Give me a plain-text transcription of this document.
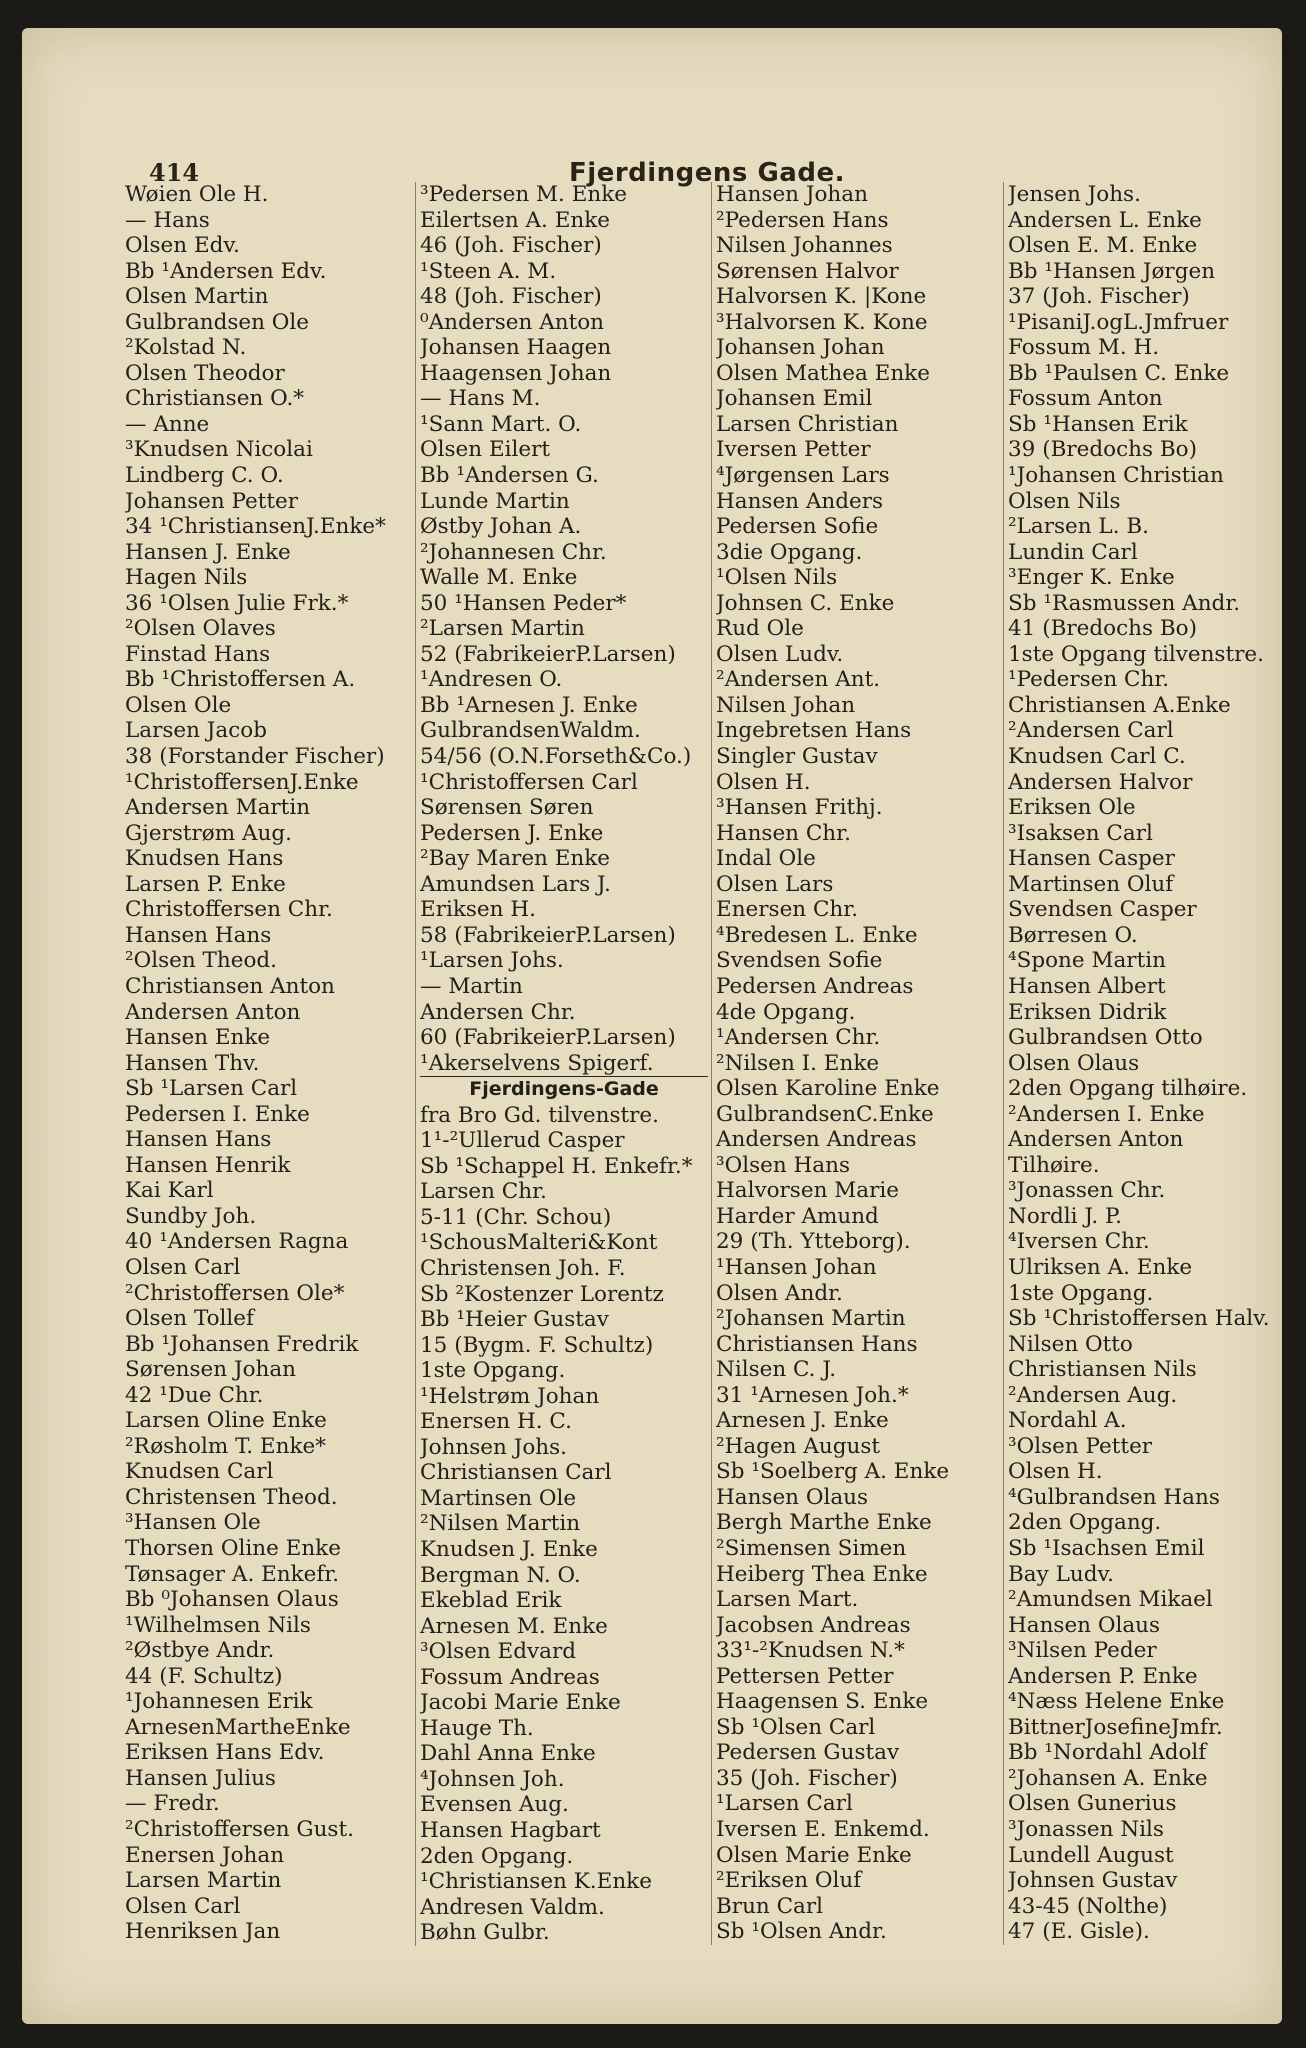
414	Fjerdingens Gade.
Wøien Ole H.
— Hans
Olsen Edv.
Bb ¹Andersen Edv.
Olsen Martin
Gulbrandsen Ole
²Kolstad N.
Olsen Theodor
Christiansen O.*
— Anne
³Knudsen Nicolai
Lindberg C. O.
Johansen Petter
34 ¹ChristiansenJ.Enke*
Hansen J. Enke
Hagen Nils
36 ¹Olsen Julie Frk.*
²Olsen Olaves
Finstad Hans
Bb ¹Christoffersen A.
Olsen Ole
Larsen Jacob
38 (Forstander Fischer)
¹ChristoffersenJ.Enke
Andersen Martin
Gjerstrøm Aug.
Knudsen Hans
Larsen P. Enke
Christoffersen Chr.
Hansen Hans
²Olsen Theod.
Christiansen Anton
Andersen Anton
Hansen Enke
Hansen Thv.
Sb ¹Larsen Carl
Pedersen I. Enke
Hansen Hans
Hansen Henrik
Kai Karl
Sundby Joh.
40 ¹Andersen Ragna
Olsen Carl
²Christoffersen Ole*
Olsen Tollef
Bb ¹Johansen Fredrik
Sørensen Johan
42 ¹Due Chr.
Larsen Oline Enke
²Røsholm T. Enke*
Knudsen Carl
Christensen Theod.
³Hansen Ole
Thorsen Oline Enke
Tønsager A. Enkefr.
Bb ⁰Johansen Olaus
¹Wilhelmsen Nils
²Østbye Andr.
44 (F. Schultz)
¹Johannesen Erik
ArnesenMartheEnke
Eriksen Hans Edv.
Hansen Julius
— Fredr.
²Christoffersen Gust.
Enersen Johan
Larsen Martin
Olsen Carl
Henriksen Jan
³Pedersen M. Enke
Eilertsen A. Enke
46 (Joh. Fischer)
¹Steen A. M.
48 (Joh. Fischer)
⁰Andersen Anton
Johansen Haagen
Haagensen Johan
— Hans M.
¹Sann Mart. O.
Olsen Eilert
Bb ¹Andersen G.
Lunde Martin
Østby Johan A.
²Johannesen Chr.
Walle M. Enke
50 ¹Hansen Peder*
²Larsen Martin
52 (FabrikeierP.Larsen)
¹Andresen O.
Bb ¹Arnesen J. Enke
GulbrandsenWaldm.
54/56 (O.N.Forseth&Co.)
¹Christoffersen Carl
Sørensen Søren
Pedersen J. Enke
²Bay Maren Enke
Amundsen Lars J.
Eriksen H.
58 (FabrikeierP.Larsen)
¹Larsen Johs.
— Martin
Andersen Chr.
60 (FabrikeierP.Larsen)
¹Akerselvens Spigerf.
Fjerdingens-Gade
fra Bro Gd. tilvenstre.
1¹-²Ullerud Casper
Sb ¹Schappel H. Enkefr.*
Larsen Chr.
5-11 (Chr. Schou)
¹SchousMalteri&Kont
Christensen Joh. F.
Sb ²Kostenzer Lorentz
Bb ¹Heier Gustav
15 (Bygm. F. Schultz)
1ste Opgang.
¹Helstrøm Johan
Enersen H. C.
Johnsen Johs.
Christiansen Carl
Martinsen Ole
²Nilsen Martin
Knudsen J. Enke
Bergman N. O.
Ekeblad Erik
Arnesen M. Enke
³Olsen Edvard
Fossum Andreas
Jacobi Marie Enke
Hauge Th.
Dahl Anna Enke
⁴Johnsen Joh.
Evensen Aug.
Hansen Hagbart
2den Opgang.
¹Christiansen K.Enke
Andresen Valdm.
Bøhn Gulbr.
Hansen Johan
²Pedersen Hans
Nilsen Johannes
Sørensen Halvor
Halvorsen K. |Kone
³Halvorsen K. Kone
Johansen Johan
Olsen Mathea Enke
Johansen Emil
Larsen Christian
Iversen Petter
⁴Jørgensen Lars
Hansen Anders
Pedersen Sofie
3die Opgang.
¹Olsen Nils
Johnsen C. Enke
Rud Ole
Olsen Ludv.
²Andersen Ant.
Nilsen Johan
Ingebretsen Hans
Singler Gustav
Olsen H.
³Hansen Frithj.
Hansen Chr.
Indal Ole
Olsen Lars
Enersen Chr.
⁴Bredesen L. Enke
Svendsen Sofie
Pedersen Andreas
4de Opgang.
¹Andersen Chr.
²Nilsen I. Enke
Olsen Karoline Enke
GulbrandsenC.Enke
Andersen Andreas
³Olsen Hans
Halvorsen Marie
Harder Amund
29 (Th. Ytteborg).
¹Hansen Johan
Olsen Andr.
²Johansen Martin
Christiansen Hans
Nilsen C. J.
31 ¹Arnesen Joh.*
Arnesen J. Enke
²Hagen August
Sb ¹Soelberg A. Enke
Hansen Olaus
Bergh Marthe Enke
²Simensen Simen
Heiberg Thea Enke
Larsen Mart.
Jacobsen Andreas
33¹-²Knudsen N.*
Pettersen Petter
Haagensen S. Enke
Sb ¹Olsen Carl
Pedersen Gustav
35 (Joh. Fischer)
¹Larsen Carl
Iversen E. Enkemd.
Olsen Marie Enke
²Eriksen Oluf
Brun Carl
Sb ¹Olsen Andr.
Jensen Johs.
Andersen L. Enke
Olsen E. M. Enke
Bb ¹Hansen Jørgen
37 (Joh. Fischer)
¹PisaniJ.ogL.Jmfruer
Fossum M. H.
Bb ¹Paulsen C. Enke
Fossum Anton
Sb ¹Hansen Erik
39 (Bredochs Bo)
¹Johansen Christian
Olsen Nils
²Larsen L. B.
Lundin Carl
³Enger K. Enke
Sb ¹Rasmussen Andr.
41 (Bredochs Bo)
1ste Opgang tilvenstre.
¹Pedersen Chr.
Christiansen A.Enke
²Andersen Carl
Knudsen Carl C.
Andersen Halvor
Eriksen Ole
³Isaksen Carl
Hansen Casper
Martinsen Oluf
Svendsen Casper
Børresen O.
⁴Spone Martin
Hansen Albert
Eriksen Didrik
Gulbrandsen Otto
Olsen Olaus
2den Opgang tilhøire.
²Andersen I. Enke
Andersen Anton
Tilhøire.
³Jonassen Chr.
Nordli J. P.
⁴Iversen Chr.
Ulriksen A. Enke
1ste Opgang.
Sb ¹Christoffersen Halv.
Nilsen Otto
Christiansen Nils
²Andersen Aug.
Nordahl A.
³Olsen Petter
Olsen H.
⁴Gulbrandsen Hans
2den Opgang.
Sb ¹Isachsen Emil
Bay Ludv.
²Amundsen Mikael
Hansen Olaus
³Nilsen Peder
Andersen P. Enke
⁴Næss Helene Enke
BittnerJosefineJmfr.
Bb ¹Nordahl Adolf
²Johansen A. Enke
Olsen Gunerius
³Jonassen Nils
Lundell August
Johnsen Gustav
43-45 (Nolthe)
47 (E. Gisle).
